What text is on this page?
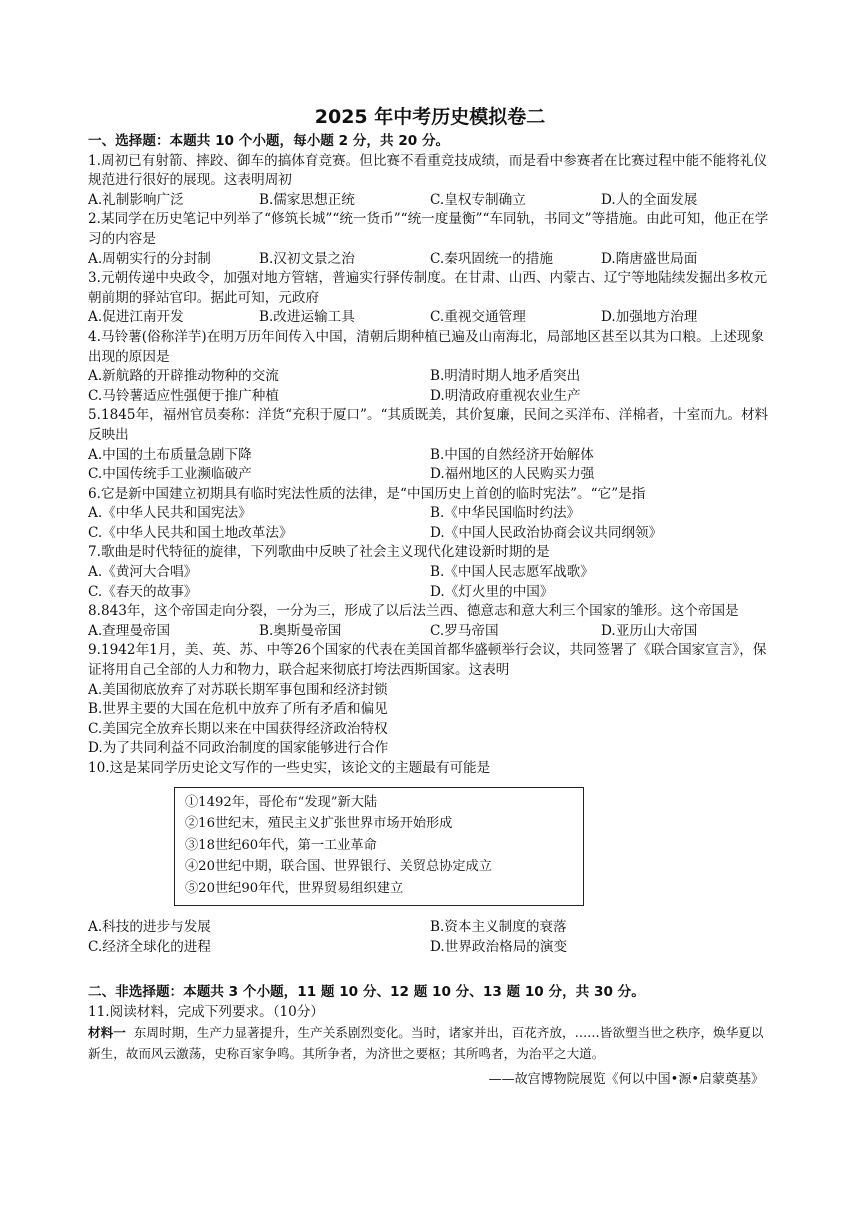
2025 年中考历史模拟卷二
一、选择题：本题共 10 个小题，每小题 2 分，共 20 分。

1.周初已有射箭、摔跤、御车的搞体育竞赛。但比赛不看重竞技成绩，而是看中参赛者在比赛过程中能不能将礼仪规范进行很好的展现。这表明周初

A.礼制影响广泛	B.儒家思想正统	C.皇权专制确立	D.人的全面发展

2.某同学在历史笔记中列举了“修筑长城”“统一货币”“统一度量衡”“车同轨，书同文”等措施。由此可知，他正在学习的内容是

A.周朝实行的分封制	B.汉初文景之治	C.秦巩固统一的措施	D.隋唐盛世局面

3.元朝传递中央政令，加强对地方管辖，普遍实行驿传制度。在甘肃、山西、内蒙古、辽宁等地陆续发掘出多枚元朝前期的驿站官印。据此可知，元政府

A.促进江南开发	B.改进运输工具	C.重视交通管理	D.加强地方治理

4.马铃薯(俗称洋芋)在明万历年间传入中国，清朝后期种植已遍及山南海北，局部地区甚至以其为口粮。上述现象出现的原因是

A.新航路的开辟推动物种的交流	B.明清时期人地矛盾突出
C.马铃薯适应性强便于推广种植	D.明清政府重视农业生产

5.1845年，福州官员奏称：洋货“充积于厦口”。“其质既美，其价复廉，民间之买洋布、洋棉者，十室而九。材料反映出

A.中国的土布质量急剧下降	B.中国的自然经济开始解体
C.中国传统手工业濒临破产	D.福州地区的人民购买力强

6.它是新中国建立初期具有临时宪法性质的法律，是“中国历史上首创的临时宪法”。“它”是指

A.《中华人民共和国宪法》	B.《中华民国临时约法》
C.《中华人民共和国土地改革法》	D.《中国人民政治协商会议共同纲领》

7.歌曲是时代特征的旋律，下列歌曲中反映了社会主义现代化建设新时期的是

A.《黄河大合唱》	B.《中国人民志愿军战歌》
C.《春天的故事》	D.《灯火里的中国》

8.843年，这个帝国走向分裂，一分为三，形成了以后法兰西、德意志和意大利三个国家的雏形。这个帝国是

A.查理曼帝国	B.奥斯曼帝国	C.罗马帝国	D.亚历山大帝国

9.1942年1月，美、英、苏、中等26个国家的代表在美国首都华盛顿举行会议，共同签署了《联合国家宣言》，保证将用自己全部的人力和物力，联合起来彻底打垮法西斯国家。这表明

A.美国彻底放弃了对苏联长期军事包围和经济封锁
B.世界主要的大国在危机中放弃了所有矛盾和偏见
C.美国完全放弃长期以来在中国获得经济政治特权
D.为了共同利益不同政治制度的国家能够进行合作

10.这是某同学历史论文写作的一些史实，该论文的主题最有可能是

①1492年，哥伦布“发现”新大陆
②16世纪末，殖民主义扩张世界市场开始形成
③18世纪60年代，第一工业革命
④20世纪中期，联合国、世界银行、关贸总协定成立
⑤20世纪90年代，世界贸易组织建立
A.科技的进步与发展	B.资本主义制度的衰落
C.经济全球化的进程	D.世界政治格局的演变
二、非选择题：本题共 3 个小题，11 题 10 分、12 题 10 分、13 题 10 分，共 30 分。

11.阅读材料，完成下列要求。（10分）

材料一 东周时期，生产力显著提升，生产关系剧烈变化。当时，诸家并出，百花齐放，……皆欲塑当世之秩序，焕华夏以新生，故而风云激荡，史称百家争鸣。其所争者，为济世之要枢；其所鸣者，为治平之大道。

——故宫博物院展览《何以中国•源•启蒙奠基》
